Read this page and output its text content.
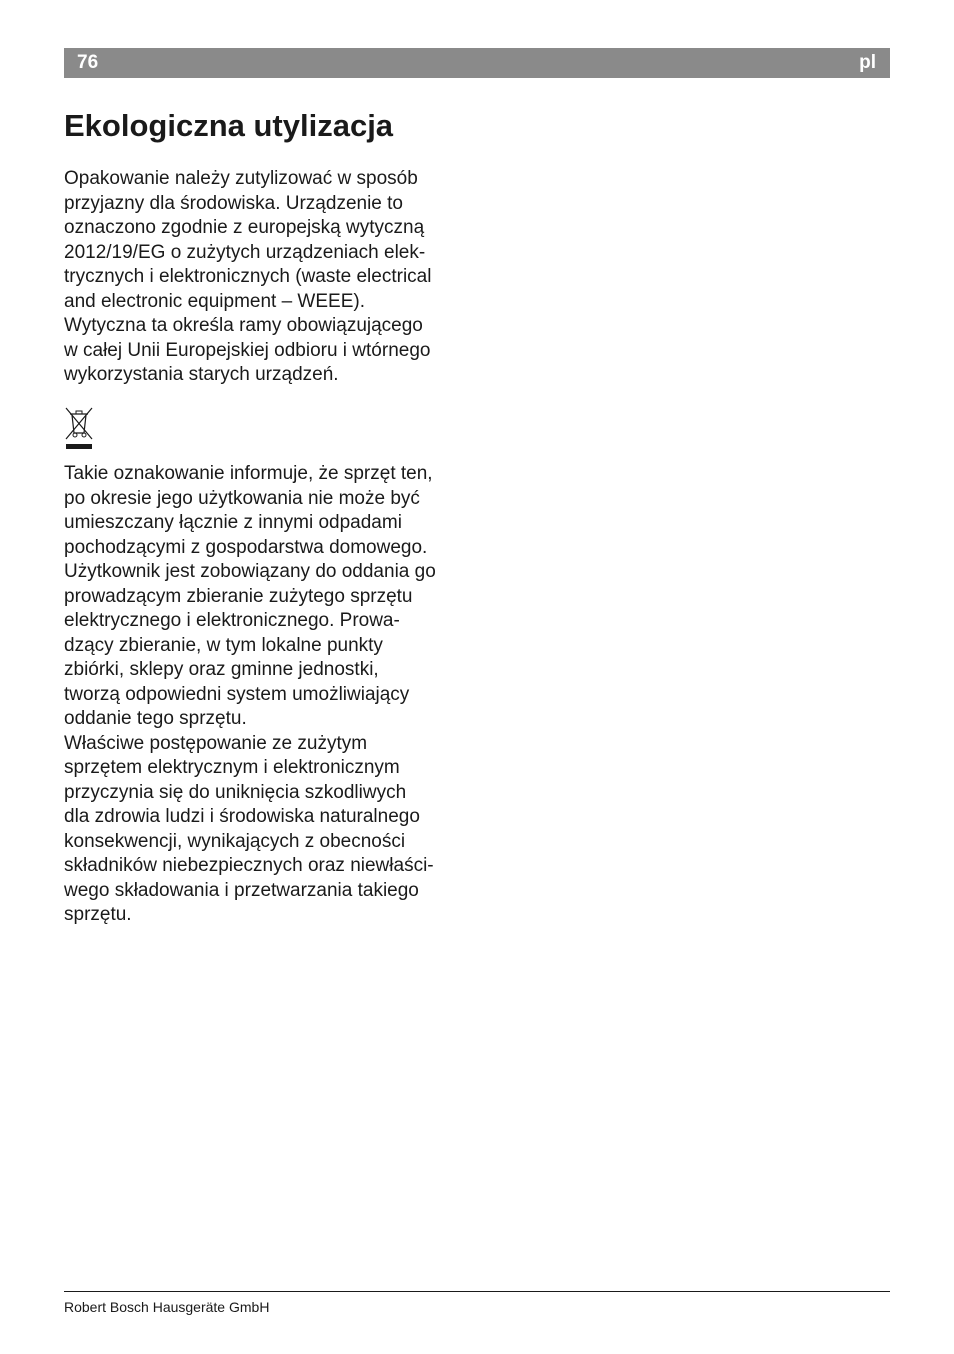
76	pl
Ekologiczna utylizacja

Opakowanie należy zutylizować w sposób
przyjazny dla środowiska. Urządzenie to
oznaczono zgodnie z europejską wytyczną
2012/19/EG o zużytych urządzeniach elek-
trycznych i elektronicznych (waste electrical
and electronic equipment – WEEE).
Wytyczna ta określa ramy obowiązującego
w całej Unii Europejskiej odbioru i wtórnego
wykorzystania starych urządzeń.

Takie oznakowanie informuje, że sprzęt ten,
po okresie jego użytkowania nie może być
umieszczany łącznie z innymi odpadami
pochodzącymi z gospodarstwa domowego.
Użytkownik jest zobowiązany do oddania go
prowadzącym zbieranie zużytego sprzętu
elektrycznego i elektronicznego. Prowa-
dzący zbieranie, w tym lokalne punkty
zbiórki, sklepy oraz gminne jednostki,
tworzą odpowiedni system umożliwiający
oddanie tego sprzętu.
Właściwe postępowanie ze zużytym
sprzętem elektrycznym i elektronicznym
przyczynia się do uniknięcia szkodliwych
dla zdrowia ludzi i środowiska naturalnego
konsekwencji, wynikających z obecności
składników niebezpiecznych oraz niewłaści-
wego składowania i przetwarzania takiego
sprzętu.

Robert Bosch Hausgeräte GmbH
